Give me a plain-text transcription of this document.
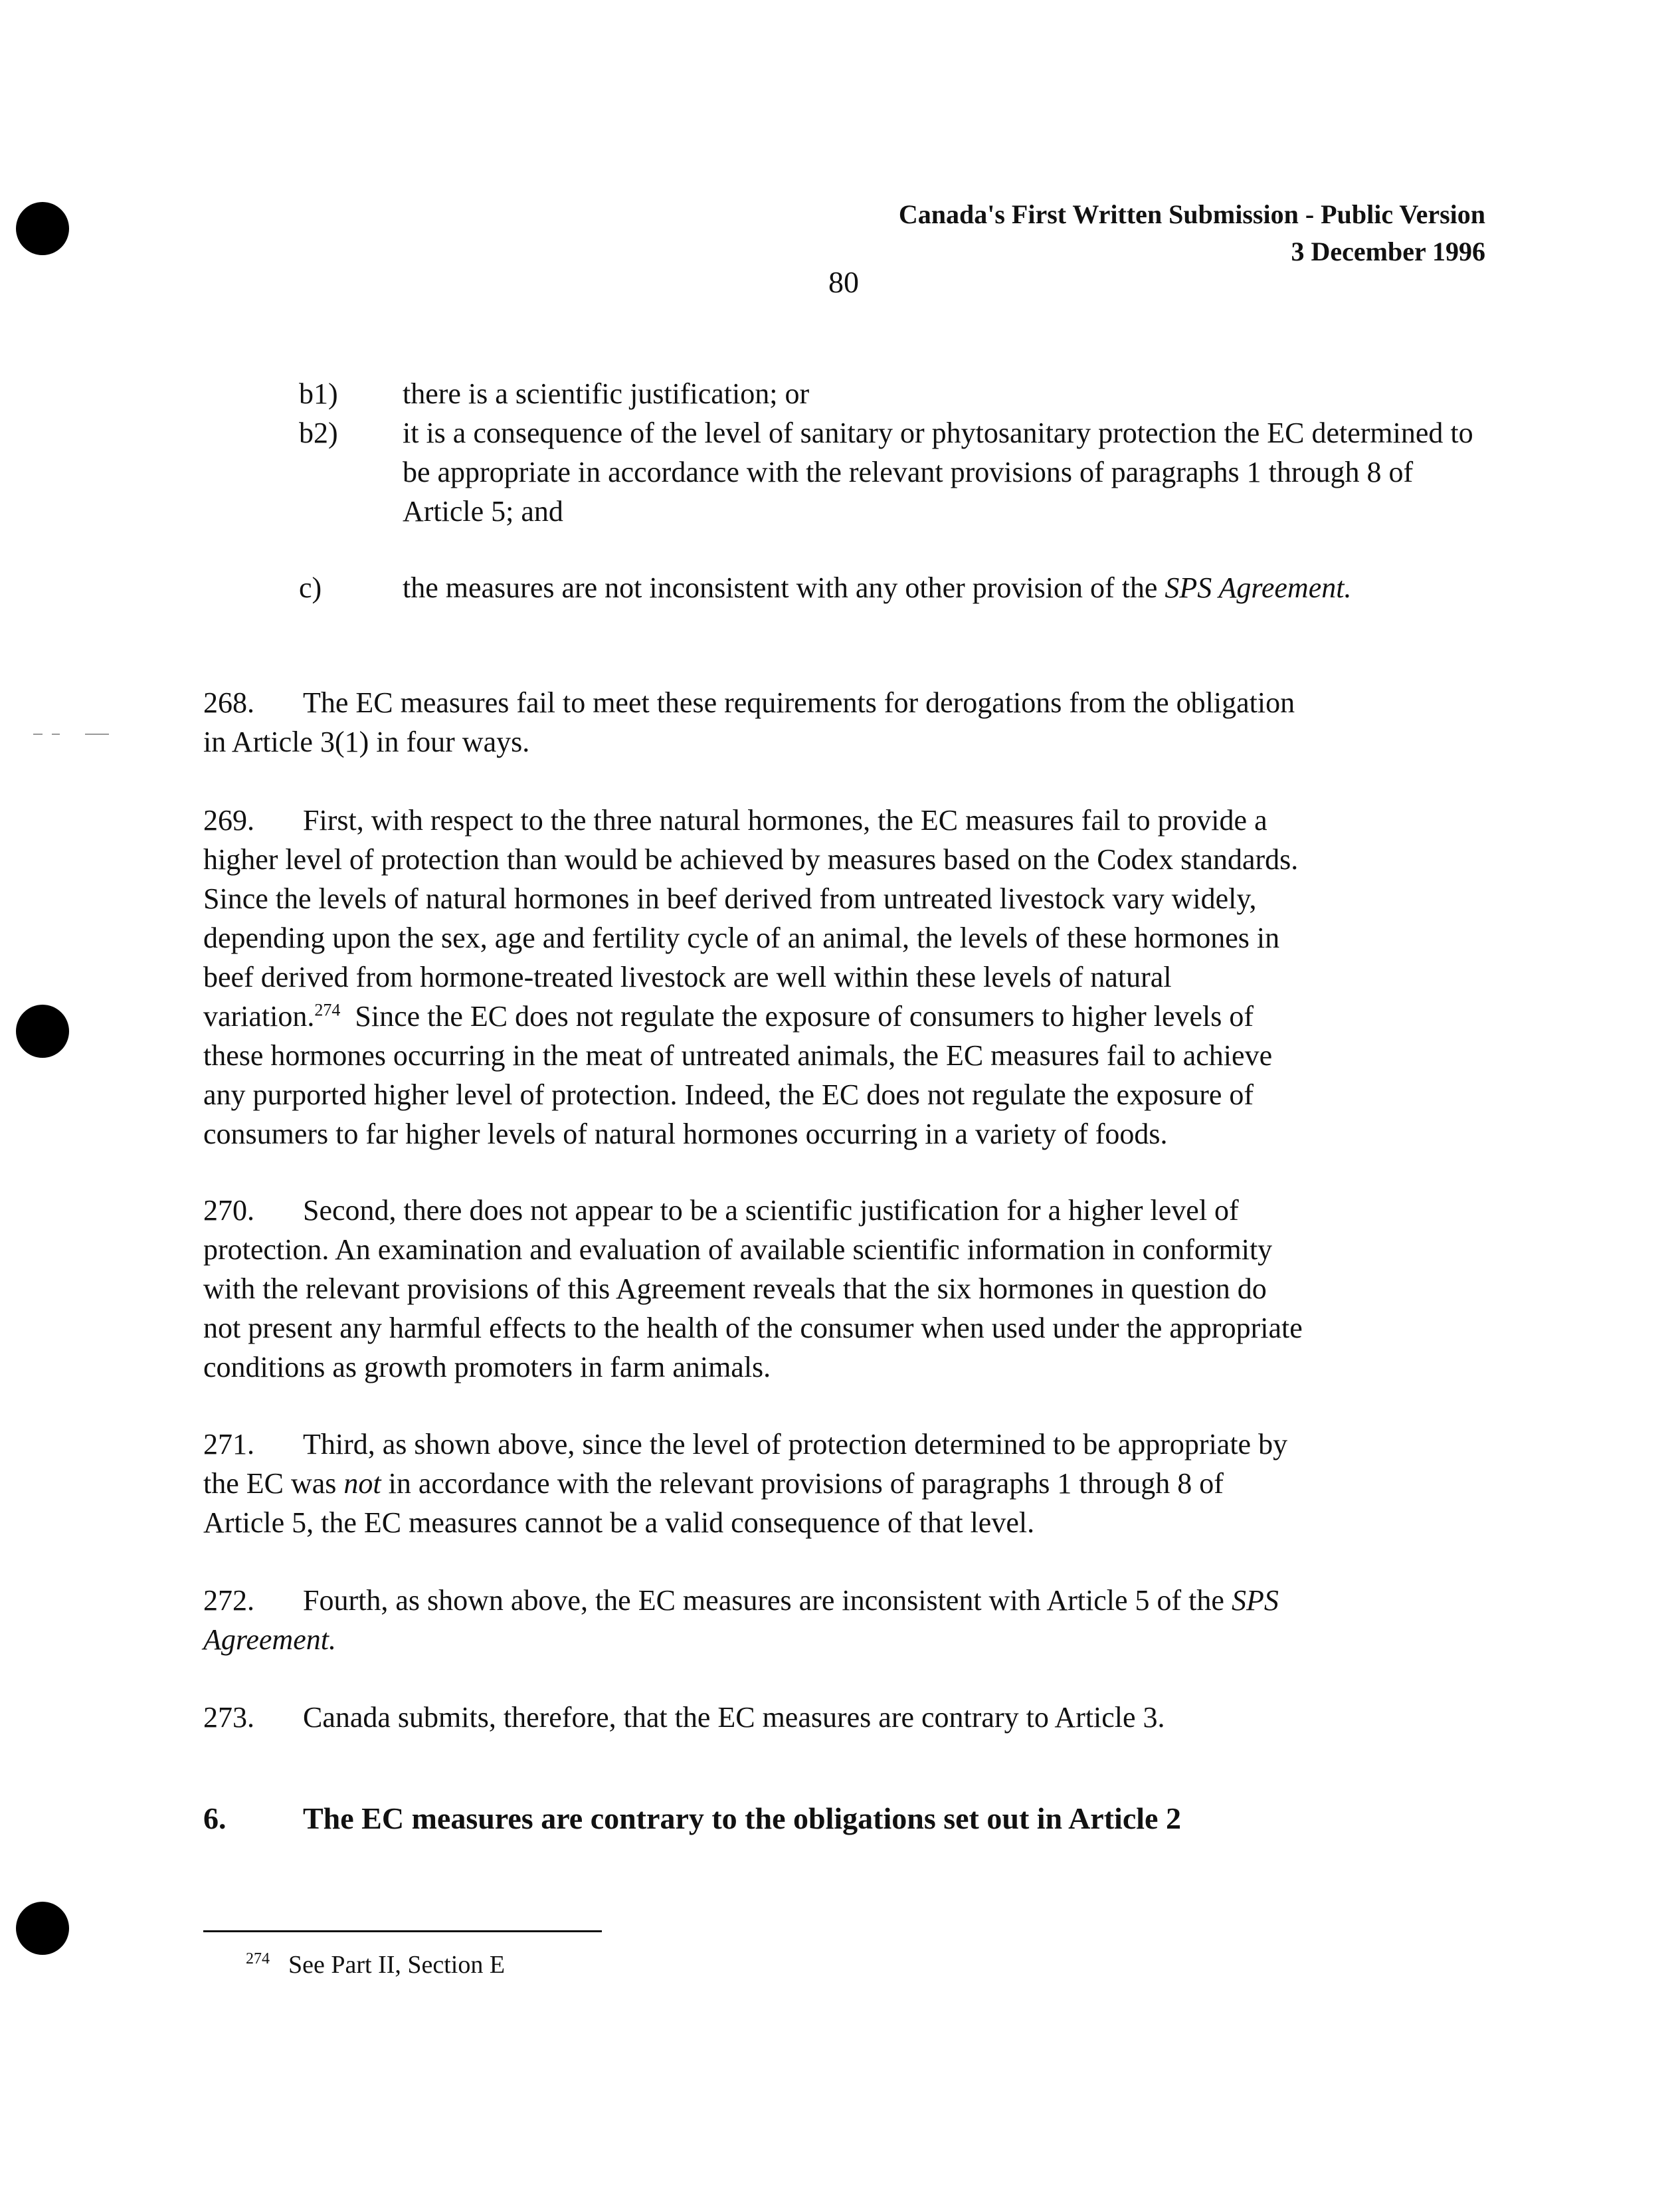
Canada's First Written Submission - Public Version
3 December 1996
80
b1) there is a scientific justification; or
b2) it is a consequence of the level of sanitary or phytosanitary protection the EC determined to be appropriate in accordance with the relevant provisions of paragraphs 1 through 8 of Article 5; and
c)	the measures are not inconsistent with any other provision of the SPS Agreement.
268. The EC measures fail to meet these requirements for derogations from the obligation
in Article 3(1) in four ways.
269. First, with respect to the three natural hormones, the EC measures fail to provide a
higher level of protection than would be achieved by measures based on the Codex standards.
Since the levels of natural hormones in beef derived from untreated livestock vary widely,
depending upon the sex, age and fertility cycle of an animal, the levels of these hormones in
beef derived from hormone-treated livestock are well within these levels of natural
variation.$^{274}$ Since the EC does not regulate the exposure of consumers to higher levels of
these hormones occurring in the meat of untreated animals, the EC measures fail to achieve
any purported higher level of protection. Indeed, the EC does not regulate the exposure of
consumers to far higher levels of natural hormones occurring in a variety of foods.
270. Second, there does not appear to be a scientific justification for a higher level of
protection. An examination and evaluation of available scientific information in conformity
with the relevant provisions of this Agreement reveals that the six hormones in question do
not present any harmful effects to the health of the consumer when used under the appropriate
conditions as growth promoters in farm animals.
271. Third, as shown above, since the level of protection determined to be appropriate by
the EC was not in accordance with the relevant provisions of paragraphs 1 through 8 of
Article 5, the EC measures cannot be a valid consequence of that level.
272. Fourth, as shown above, the EC measures are inconsistent with Article 5 of the SPS
Agreement.
273. Canada submits, therefore, that the EC measures are contrary to Article 3.
6.	The EC measures are contrary to the obligations set out in Article 2
$^{274}$ See Part II, Section E
